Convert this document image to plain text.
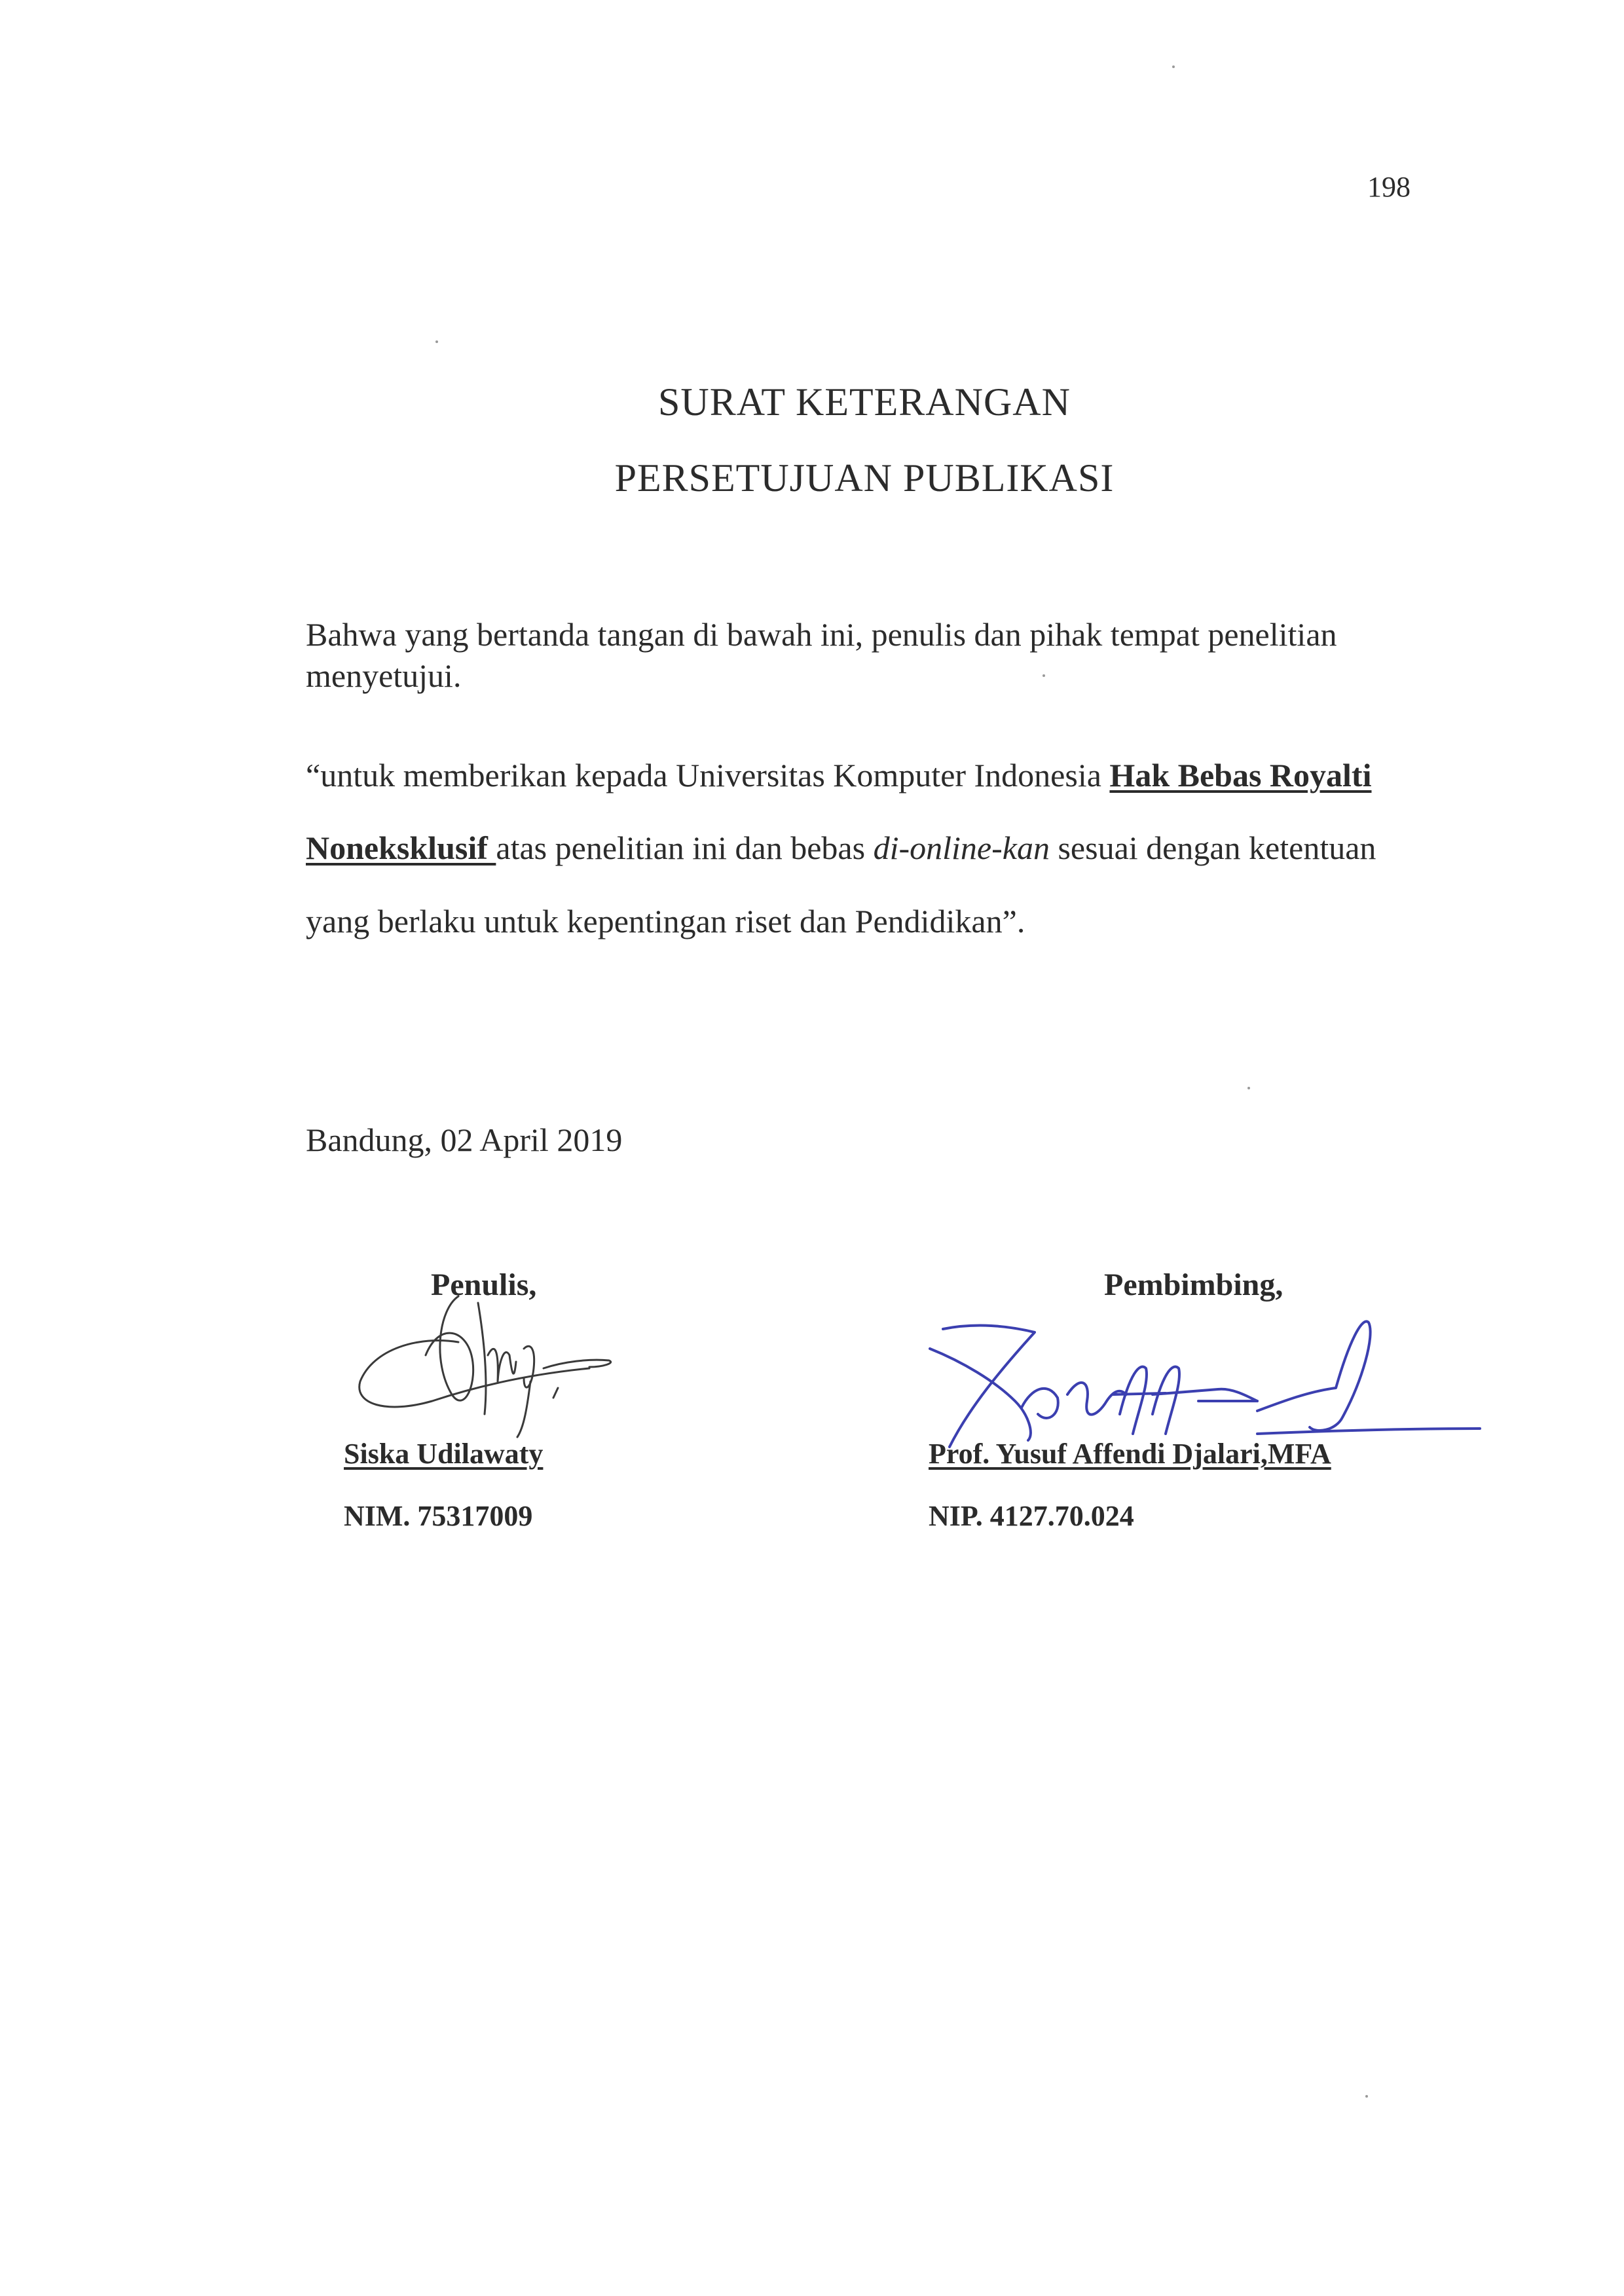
198
SURAT KETERANGAN
PERSETUJUAN PUBLIKASI
Bahwa yang bertanda tangan di bawah ini, penulis dan pihak tempat penelitian
menyetujui.
“untuk memberikan kepada Universitas Komputer Indonesia Hak Bebas Royalti
Noneksklusif atas penelitian ini dan bebas di-online-kan sesuai dengan ketentuan
yang berlaku untuk kepentingan riset dan Pendidikan”.
Bandung, 02 April 2019
Penulis,
Siska Udilawaty
NIM. 75317009
Pembimbing,
Prof. Yusuf Affendi Djalari,MFA
NIP. 4127.70.024
